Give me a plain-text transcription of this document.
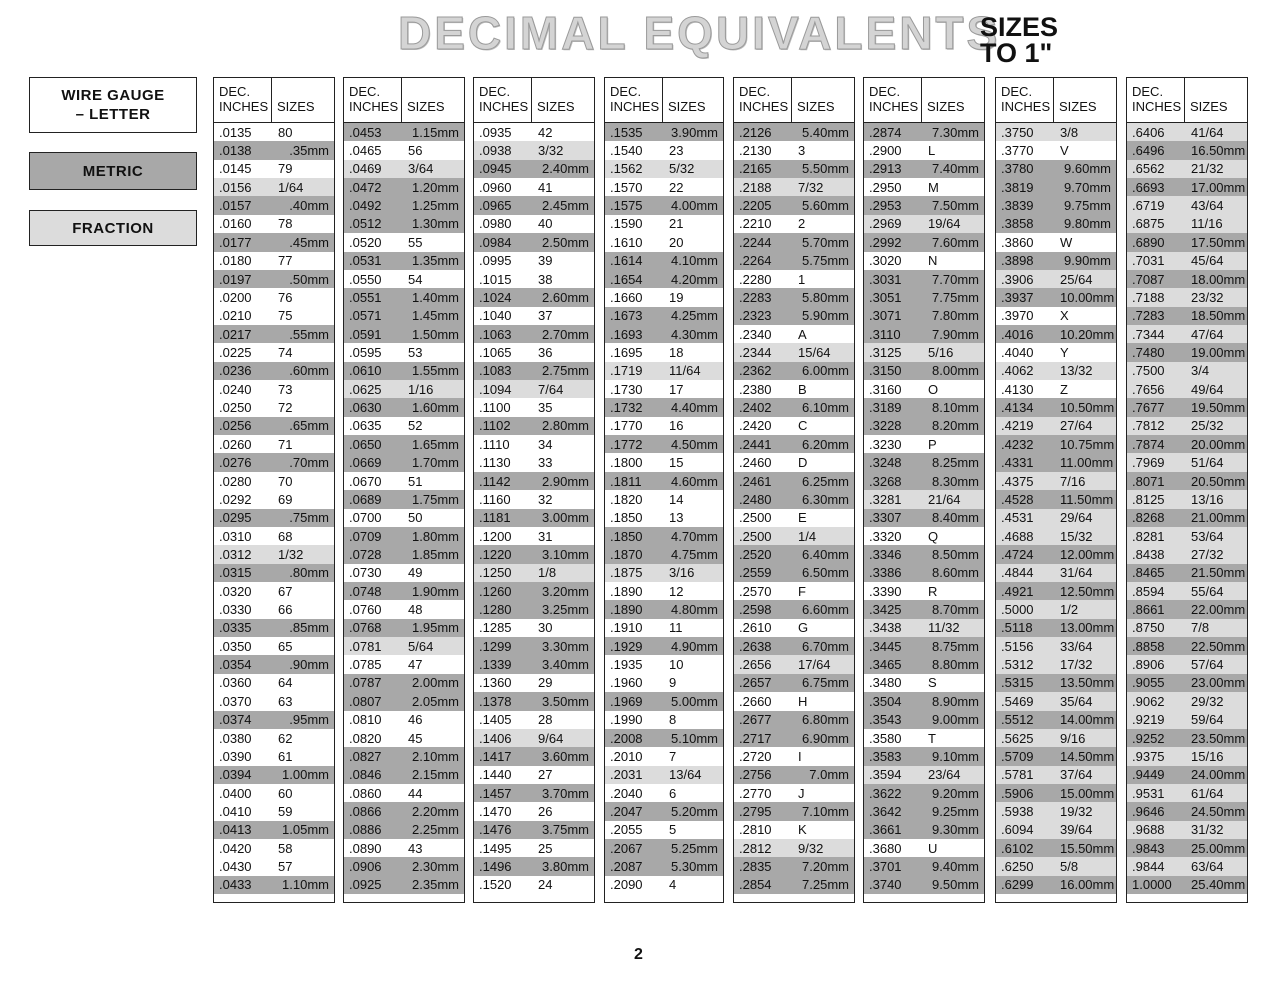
DECIMAL EQUIVALENTS
SIZES
TO 1"
WIRE GAUGE
– LETTER
METRIC
FRACTION
DEC.
INCHES SIZES
.0135	80
.0138	.35mm
.0145	79
.0156	1/64
.0157	.40mm
.0160	78
.0177	.45mm
.0180	77
.0197	.50mm
.0200	76
.0210	75
.0217	.55mm
.0225	74
.0236	.60mm
.0240	73
.0250	72
.0256	.65mm
.0260	71
.0276	.70mm
.0280	70
.0292	69
.0295	.75mm
.0310	68
.0312	1/32
.0315	.80mm
.0320	67
.0330	66
.0335	.85mm
.0350	65
.0354	.90mm
.0360	64
.0370	63
.0374	.95mm
.0380	62
.0390	61
.0394	1.00mm
.0400	60
.0410	59
.0413	1.05mm
.0420	58
.0430	57
.0433	1.10mm
DEC.
INCHES SIZES
.0453	1.15mm
.0465	56
.0469	3/64
.0472	1.20mm
.0492	1.25mm
.0512	1.30mm
.0520	55
.0531	1.35mm
.0550	54
.0551	1.40mm
.0571	1.45mm
.0591	1.50mm
.0595	53
.0610	1.55mm
.0625	1/16
.0630	1.60mm
.0635	52
.0650	1.65mm
.0669	1.70mm
.0670	51
.0689	1.75mm
.0700	50
.0709	1.80mm
.0728	1.85mm
.0730	49
.0748	1.90mm
.0760	48
.0768	1.95mm
.0781	5/64
.0785	47
.0787	2.00mm
.0807	2.05mm
.0810	46
.0820	45
.0827	2.10mm
.0846	2.15mm
.0860	44
.0866	2.20mm
.0886	2.25mm
.0890	43
.0906	2.30mm
.0925	2.35mm
DEC.
INCHES SIZES
.0935	42
.0938	3/32
.0945	2.40mm
.0960	41
.0965	2.45mm
.0980	40
.0984	2.50mm
.0995	39
.1015	38
.1024	2.60mm
.1040	37
.1063	2.70mm
.1065	36
.1083	2.75mm
.1094	7/64
.1100	35
.1102	2.80mm
.1110	34
.1130	33
.1142	2.90mm
.1160	32
.1181	3.00mm
.1200	31
.1220	3.10mm
.1250	1/8
.1260	3.20mm
.1280	3.25mm
.1285	30
.1299	3.30mm
.1339	3.40mm
.1360	29
.1378	3.50mm
.1405	28
.1406	9/64
.1417	3.60mm
.1440	27
.1457	3.70mm
.1470	26
.1476	3.75mm
.1495	25
.1496	3.80mm
.1520	24
DEC.
INCHES SIZES
.1535	3.90mm
.1540	23
.1562	5/32
.1570	22
.1575	4.00mm
.1590	21
.1610	20
.1614	4.10mm
.1654	4.20mm
.1660	19
.1673	4.25mm
.1693	4.30mm
.1695	18
.1719	11/64
.1730	17
.1732	4.40mm
.1770	16
.1772	4.50mm
.1800	15
.1811	4.60mm
.1820	14
.1850	13
.1850	4.70mm
.1870	4.75mm
.1875	3/16
.1890	12
.1890	4.80mm
.1910	11
.1929	4.90mm
.1935	10
.1960	9
.1969	5.00mm
.1990	8
.2008	5.10mm
.2010	7
.2031	13/64
.2040	6
.2047	5.20mm
.2055	5
.2067	5.25mm
.2087	5.30mm
.2090	4
DEC.
INCHES SIZES
.2126	5.40mm
.2130	3
.2165	5.50mm
.2188	7/32
.2205	5.60mm
.2210	2
.2244	5.70mm
.2264	5.75mm
.2280	1
.2283	5.80mm
.2323	5.90mm
.2340	A
.2344	15/64
.2362	6.00mm
.2380	B
.2402	6.10mm
.2420	C
.2441	6.20mm
.2460	D
.2461	6.25mm
.2480	6.30mm
.2500	E
.2500	1/4
.2520	6.40mm
.2559	6.50mm
.2570	F
.2598	6.60mm
.2610	G
.2638	6.70mm
.2656	17/64
.2657	6.75mm
.2660	H
.2677	6.80mm
.2717	6.90mm
.2720	I
.2756	7.0mm
.2770	J
.2795	7.10mm
.2810	K
.2812	9/32
.2835	7.20mm
.2854	7.25mm
DEC.
INCHES SIZES
.2874	7.30mm
.2900	L
.2913	7.40mm
.2950	M
.2953	7.50mm
.2969	19/64
.2992	7.60mm
.3020	N
.3031	7.70mm
.3051	7.75mm
.3071	7.80mm
.3110	7.90mm
.3125	5/16
.3150	8.00mm
.3160	O
.3189	8.10mm
.3228	8.20mm
.3230	P
.3248	8.25mm
.3268	8.30mm
.3281	21/64
.3307	8.40mm
.3320	Q
.3346	8.50mm
.3386	8.60mm
.3390	R
.3425	8.70mm
.3438	11/32
.3445	8.75mm
.3465	8.80mm
.3480	S
.3504	8.90mm
.3543	9.00mm
.3580	T
.3583	9.10mm
.3594	23/64
.3622	9.20mm
.3642	9.25mm
.3661	9.30mm
.3680	U
.3701	9.40mm
.3740	9.50mm
DEC.
INCHES SIZES
.3750	3/8
.3770	V
.3780	9.60mm
.3819	9.70mm
.3839	9.75mm
.3858	9.80mm
.3860	W
.3898	9.90mm
.3906	25/64
.3937	10.00mm
.3970	X
.4016	10.20mm
.4040	Y
.4062	13/32
.4130	Z
.4134	10.50mm
.4219	27/64
.4232	10.75mm
.4331	11.00mm
.4375	7/16
.4528	11.50mm
.4531	29/64
.4688	15/32
.4724	12.00mm
.4844	31/64
.4921	12.50mm
.5000	1/2
.5118	13.00mm
.5156	33/64
.5312	17/32
.5315	13.50mm
.5469	35/64
.5512	14.00mm
.5625	9/16
.5709	14.50mm
.5781	37/64
.5906	15.00mm
.5938	19/32
.6094	39/64
.6102	15.50mm
.6250	5/8
.6299	16.00mm
DEC.
INCHES SIZES
.6406	41/64
.6496	16.50mm
.6562	21/32
.6693	17.00mm
.6719	43/64
.6875	11/16
.6890	17.50mm
.7031	45/64
.7087	18.00mm
.7188	23/32
.7283	18.50mm
.7344	47/64
.7480	19.00mm
.7500	3/4
.7656	49/64
.7677	19.50mm
.7812	25/32
.7874	20.00mm
.7969	51/64
.8071	20.50mm
.8125	13/16
.8268	21.00mm
.8281	53/64
.8438	27/32
.8465	21.50mm
.8594	55/64
.8661	22.00mm
.8750	7/8
.8858	22.50mm
.8906	57/64
.9055	23.00mm
.9062	29/32
.9219	59/64
.9252	23.50mm
.9375	15/16
.9449	24.00mm
.9531	61/64
.9646	24.50mm
.9688	31/32
.9843	25.00mm
.9844	63/64
1.0000	25.40mm
2
